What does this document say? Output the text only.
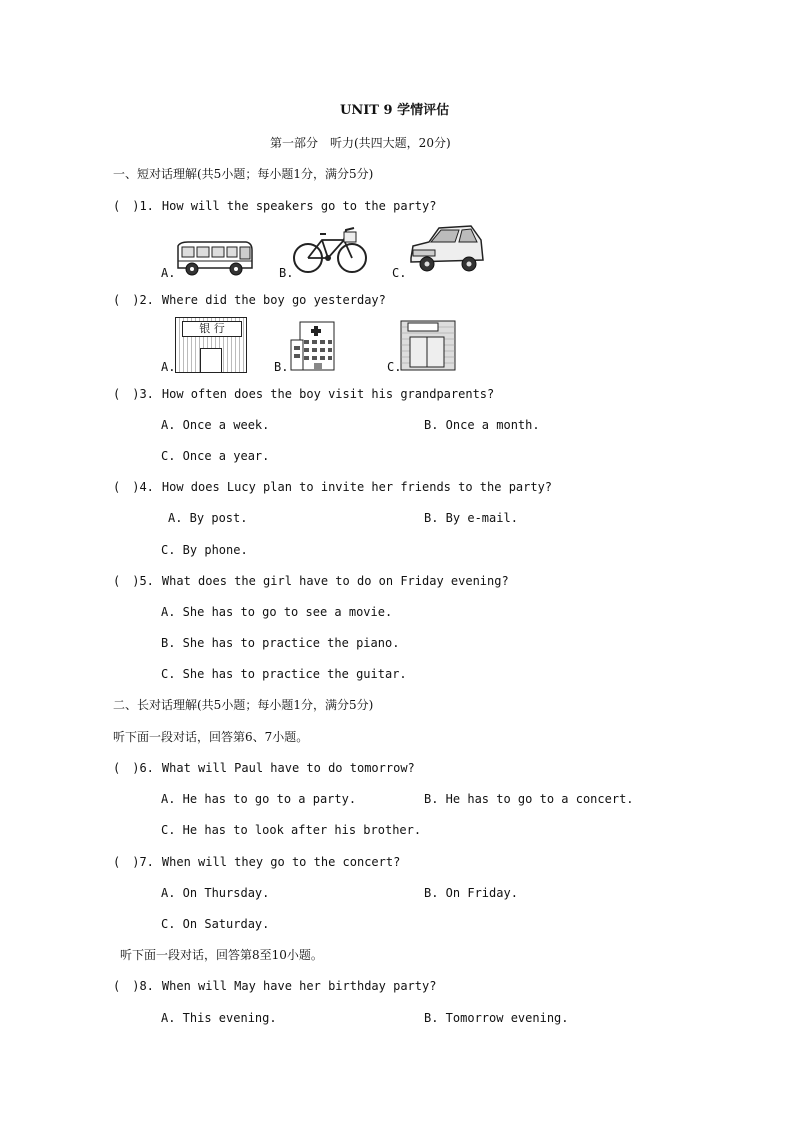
UNIT 9 学情评估
第一部分　听力(共四大题，20分)
一、短对话理解(共5小题；每小题1分，满分5分)
(　)1. How will the speakers go to the party?
A.	B.	C.
(　)2. Where did the boy go yesterday?
A.	B.	C.
银 行
(　)3. How often does the boy visit his grandparents?
A. Once a week.	B. Once a month.
C. Once a year.
(　)4. How does Lucy plan to invite her friends to the party?
A. By post.	B. By e-mail.
C. By phone.
(　)5. What does the girl have to do on Friday evening?
A. She has to go to see a movie.
B. She has to practice the piano.
C. She has to practice the guitar.
二、长对话理解(共5小题；每小题1分，满分5分)
听下面一段对话，回答第6、7小题。
(　)6. What will Paul have to do tomorrow?
A. He has to go to a party.	B. He has to go to a concert.
C. He has to look after his brother.
(　)7. When will they go to the concert?
A. On Thursday.	B. On Friday.
C. On Saturday.
听下面一段对话，回答第8至10小题。
(　)8. When will May have her birthday party?
A. This evening.	B. Tomorrow evening.
